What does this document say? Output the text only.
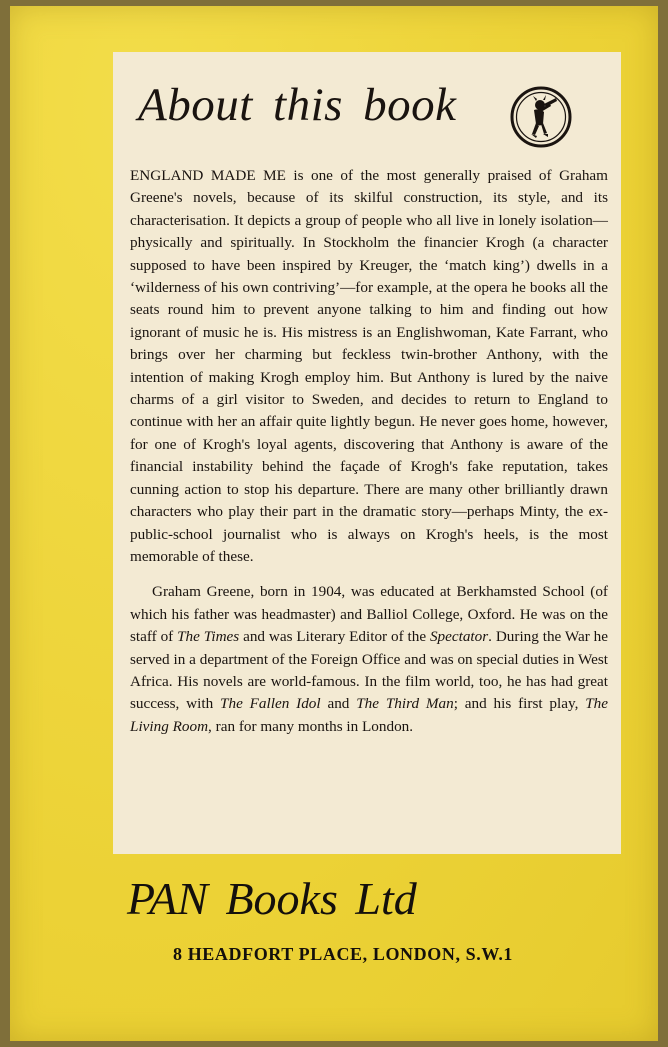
About this book

ENGLAND MADE ME is one of the most generally praised of Graham Greene's novels, because of its skilful construction, its style, and its characterisation. It depicts a group of people who all live in lonely isolation—physically and spiritually. In Stockholm the financier Krogh (a character supposed to have been inspired by Kreuger, the ‘match king’) dwells in a ‘wilderness of his own contriving’—for example, at the opera he books all the seats round him to prevent anyone talking to him and finding out how ignorant of music he is. His mistress is an Englishwoman, Kate Farrant, who brings over her charming but feckless twin-brother Anthony, with the intention of making Krogh employ him. But Anthony is lured by the naive charms of a girl visitor to Sweden, and decides to return to England to continue with her an affair quite lightly begun. He never goes home, however, for one of Krogh's loyal agents, discovering that Anthony is aware of the financial instability behind the façade of Krogh's fake reputation, takes cunning action to stop his departure. There are many other brilliantly drawn characters who play their part in the dramatic story—perhaps Minty, the ex-public-school journalist who is always on Krogh's heels, is the most memorable of these.

Graham Greene, born in 1904, was educated at Berkhamsted School (of which his father was headmaster) and Balliol College, Oxford. He was on the staff of The Times and was Literary Editor of the Spectator. During the War he served in a department of the Foreign Office and was on special duties in West Africa. His novels are world-famous. In the film world, too, he has had great success, with The Fallen Idol and The Third Man; and his first play, The Living Room, ran for many months in London.

PAN Books Ltd
8 HEADFORT PLACE, LONDON, S.W.1
